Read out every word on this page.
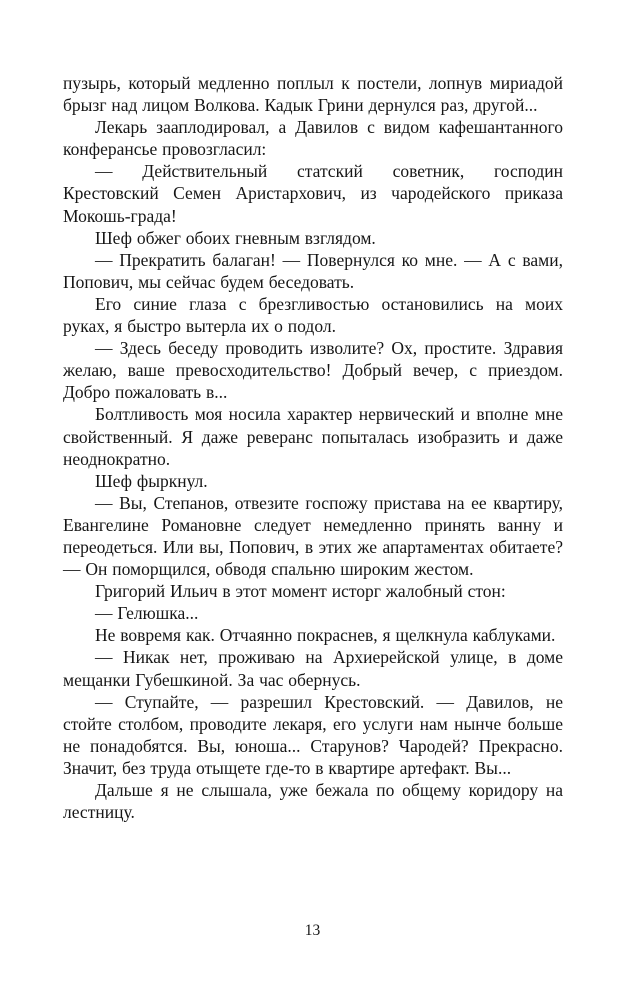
пузырь, который медленно поплыл к постели, лопнув мириадой брызг над лицом Волкова. Кадык Грини дернулся раз, другой...

Лекарь зааплодировал, а Давилов с видом кафешантанного конферансье провозгласил:

— Действительный статский советник, господин Крестовский Семен Аристархович, из чародейского приказа Мокошь-града!

Шеф обжег обоих гневным взглядом.

— Прекратить балаган! — Повернулся ко мне. — А с вами, Попович, мы сейчас будем беседовать.

Его синие глаза с брезгливостью остановились на моих руках, я быстро вытерла их о подол.

— Здесь беседу проводить изволите? Ох, простите. Здравия желаю, ваше превосходительство! Добрый вечер, с приездом. Добро пожаловать в...

Болтливость моя носила характер нервический и вполне мне свойственный. Я даже реверанс попыталась изобразить и даже неоднократно.

Шеф фыркнул.

— Вы, Степанов, отвезите госпожу пристава на ее квартиру, Евангелине Романовне следует немедленно принять ванну и переодеться. Или вы, Попович, в этих же апартаментах обитаете? — Он поморщился, обводя спальню широким жестом.

Григорий Ильич в этот момент исторг жалобный стон:

— Гелюшка...

Не вовремя как. Отчаянно покраснев, я щелкнула каблуками.

— Никак нет, проживаю на Архиерейской улице, в доме мещанки Губешкиной. За час обернусь.

— Ступайте, — разрешил Крестовский. — Давилов, не стойте столбом, проводите лекаря, его услуги нам нынче больше не понадобятся. Вы, юноша... Старунов? Чародей? Прекрасно. Значит, без труда отыщете где-то в квартире артефакт. Вы...

Дальше я не слышала, уже бежала по общему коридору на лестницу.

13
